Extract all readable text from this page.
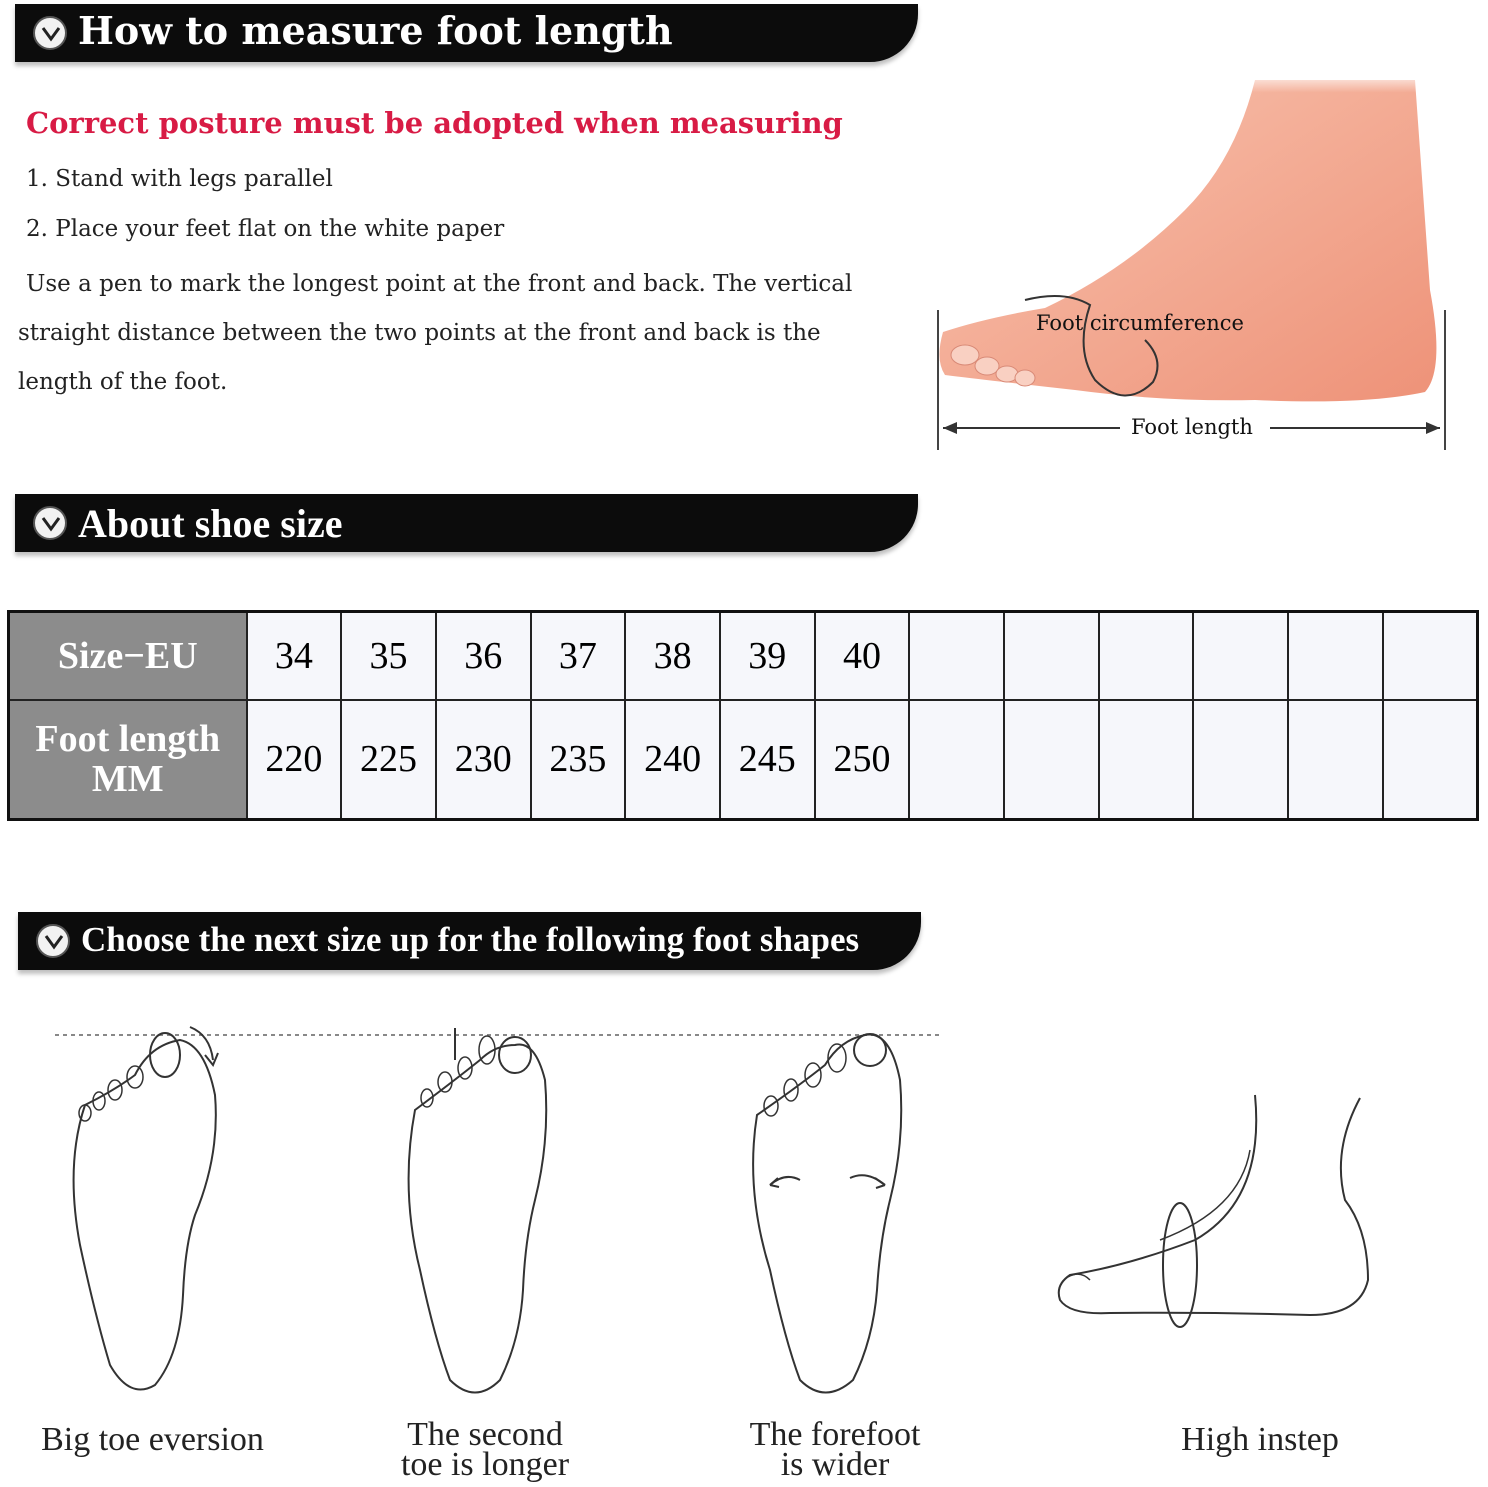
How to measure foot length
Correct posture must be adopted when measuring
1. Stand with legs parallel
2. Place your feet flat on the white paper
Use a pen to mark the longest point at the front and back. The vertical straight distance between the two points at the front and back is the length of the foot.
Foot circumference
Foot length
About shoe size
Size−EU	34	35	36	37	38	39	40						

Foot length
MM	220	225	230	235	240	245	250						
Choose the next size up for the following foot shapes
Big toe eversion	The second
toe is longer
The forefoot
is wider
High instep
